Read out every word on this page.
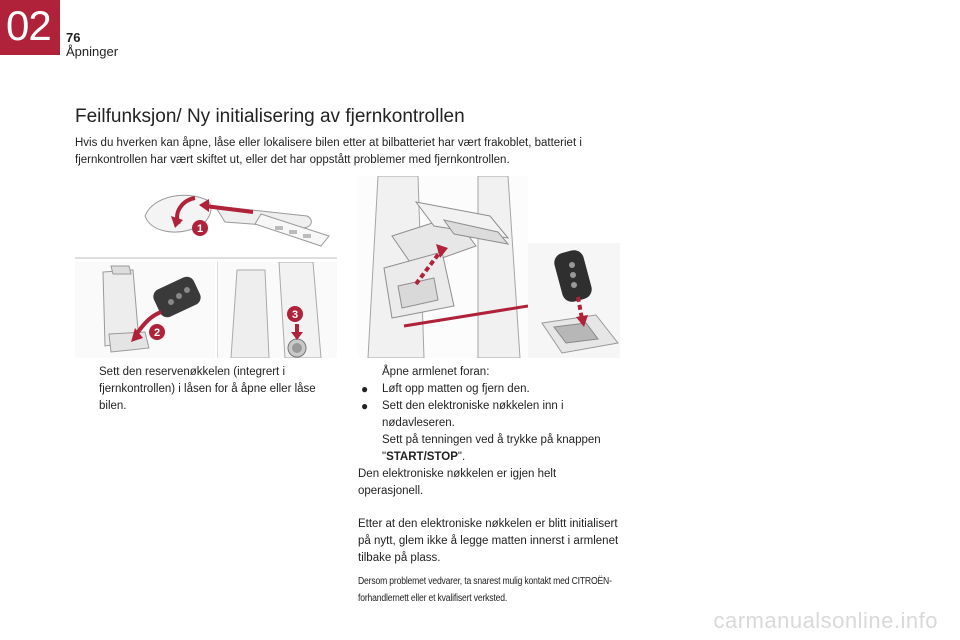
02 76
Åpninger
Feilfunksjon/ Ny initialisering av fjernkontrollen
Hvis du hverken kan åpne, låse eller lokalisere bilen etter at bilbatteriet har vært frakoblet, batteriet i fjernkontrollen har vært skiftet ut, eller det har oppstått problemer med fjernkontrollen.
1
2
3
Sett den reservenøkkelen (integrert i fjernkontrollen) i låsen for å åpne eller låse bilen.
Åpne armlenet foran:
● Løft opp matten og fjern den.
● Sett den elektroniske nøkkelen inn i nødavleseren.
Sett på tenningen ved å trykke på knappen "START/STOP".
Den elektroniske nøkkelen er igjen helt operasjonell.
Etter at den elektroniske nøkkelen er blitt initialisert på nytt, glem ikke å legge matten innerst i armlenet tilbake på plass.
Dersom problemet vedvarer, ta snarest mulig kontakt med CITROËN-forhandlernett eller et kvalifisert verksted.
carmanualsonline.info
